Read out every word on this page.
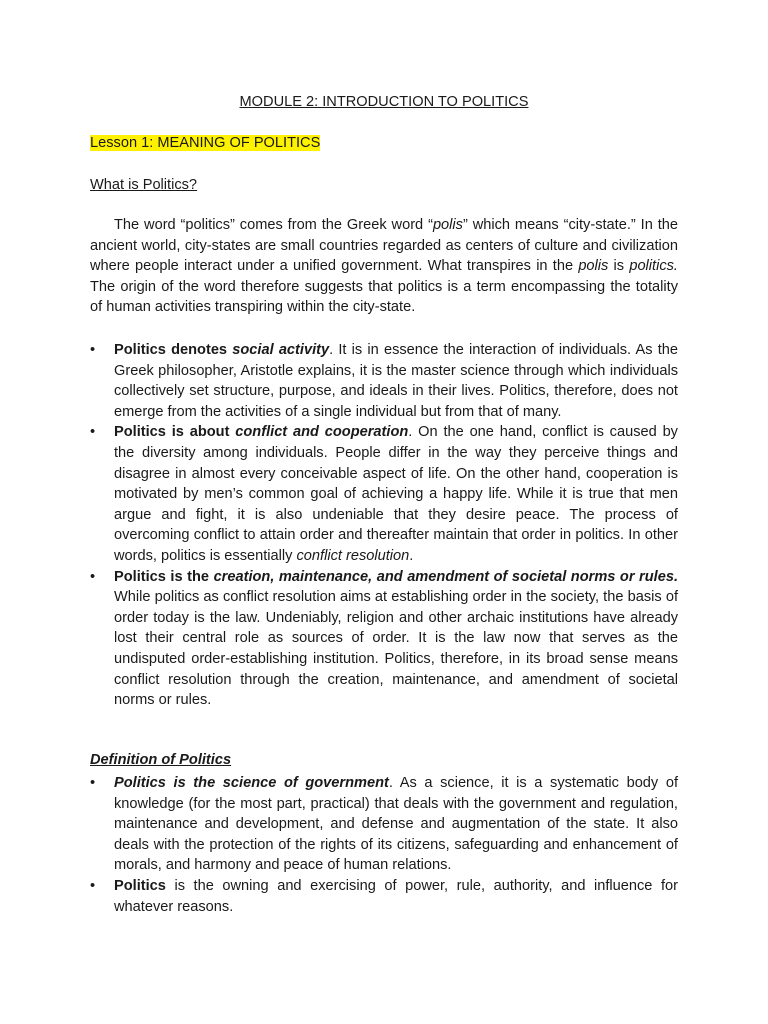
MODULE 2: INTRODUCTION TO POLITICS
Lesson 1: MEANING OF POLITICS
What is Politics?

The word “politics” comes from the Greek word “polis” which means “city-state.” In the ancient world, city-states are small countries regarded as centers of culture and civilization where people interact under a unified government. What transpires in the polis is politics. The origin of the word therefore suggests that politics is a term encompassing the totality of human activities transpiring within the city-state.

•	Politics denotes social activity. It is in essence the interaction of individuals. As the Greek philosopher, Aristotle explains, it is the master science through which individuals collectively set structure, purpose, and ideals in their lives. Politics, therefore, does not emerge from the activities of a single individual but from that of many.
•	Politics is about conflict and cooperation. On the one hand, conflict is caused by the diversity among individuals. People differ in the way they perceive things and disagree in almost every conceivable aspect of life. On the other hand, cooperation is motivated by men’s common goal of achieving a happy life. While it is true that men argue and fight, it is also undeniable that they desire peace. The process of overcoming conflict to attain order and thereafter maintain that order in politics. In other words, politics is essentially conflict resolution.
•	Politics is the creation, maintenance, and amendment of societal norms or rules. While politics as conflict resolution aims at establishing order in the society, the basis of order today is the law. Undeniably, religion and other archaic institutions have already lost their central role as sources of order. It is the law now that serves as the undisputed order-establishing institution. Politics, therefore, in its broad sense means conflict resolution through the creation, maintenance, and amendment of societal norms or rules.
Definition of Politics
•	Politics is the science of government. As a science, it is a systematic body of knowledge (for the most part, practical) that deals with the government and regulation, maintenance and development, and defense and augmentation of the state. It also deals with the protection of the rights of its citizens, safeguarding and enhancement of morals, and harmony and peace of human relations.
•	Politics is the owning and exercising of power, rule, authority, and influence for whatever reasons.
